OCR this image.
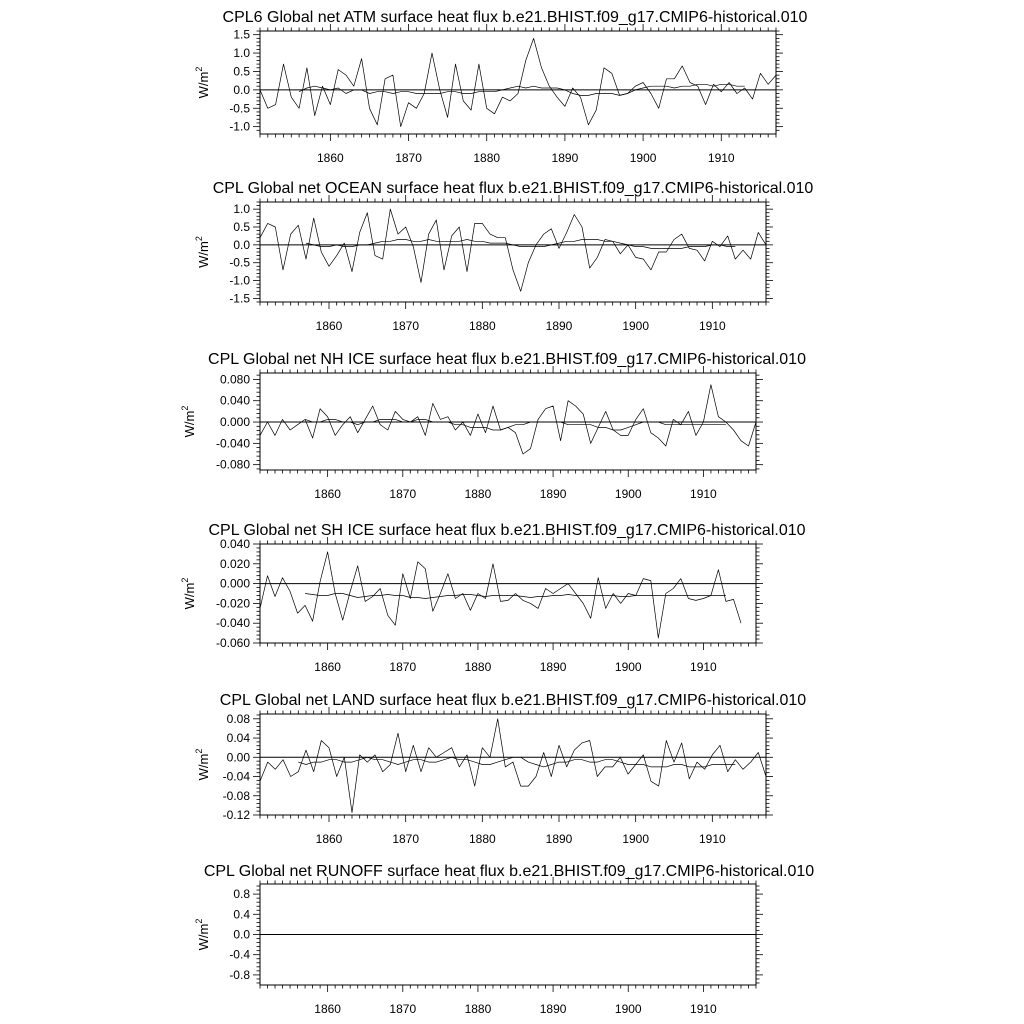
CPL6 Global net ATM surface heat flux b.e21.BHIST.f09_g17.CMIP6-historical.010
1860	1870	1880	1890	1900	1910
-1.0
-0.5
0.0
0.5
1.0
1.5
$W/m^2$
CPL Global net OCEAN surface heat flux b.e21.BHIST.f09_g17.CMIP6-historical.010
1860	1870	1880	1890	1900	1910
-1.5
-1.0
-0.5
0.0
0.5
1.0
$W/m^2$
CPL Global net NH ICE surface heat flux b.e21.BHIST.f09_g17.CMIP6-historical.010
1860	1870	1880	1890	1900	1910
-0.080
-0.040
0.000
0.040
0.080
$W/m^2$
CPL Global net SH ICE surface heat flux b.e21.BHIST.f09_g17.CMIP6-historical.010
1860	1870	1880	1890	1900	1910
-0.060
-0.040
-0.020
0.000
0.020
0.040
$W/m^2$
CPL Global net LAND surface heat flux b.e21.BHIST.f09_g17.CMIP6-historical.010
1860	1870	1880	1890	1900	1910
-0.12
-0.08
-0.04
0.00
0.04
0.08
$W/m^2$
CPL Global net RUNOFF surface heat flux b.e21.BHIST.f09_g17.CMIP6-historical.010
1860	1870	1880	1890	1900	1910
-0.8
-0.4
0.0
0.4
0.8
$W/m^2$
